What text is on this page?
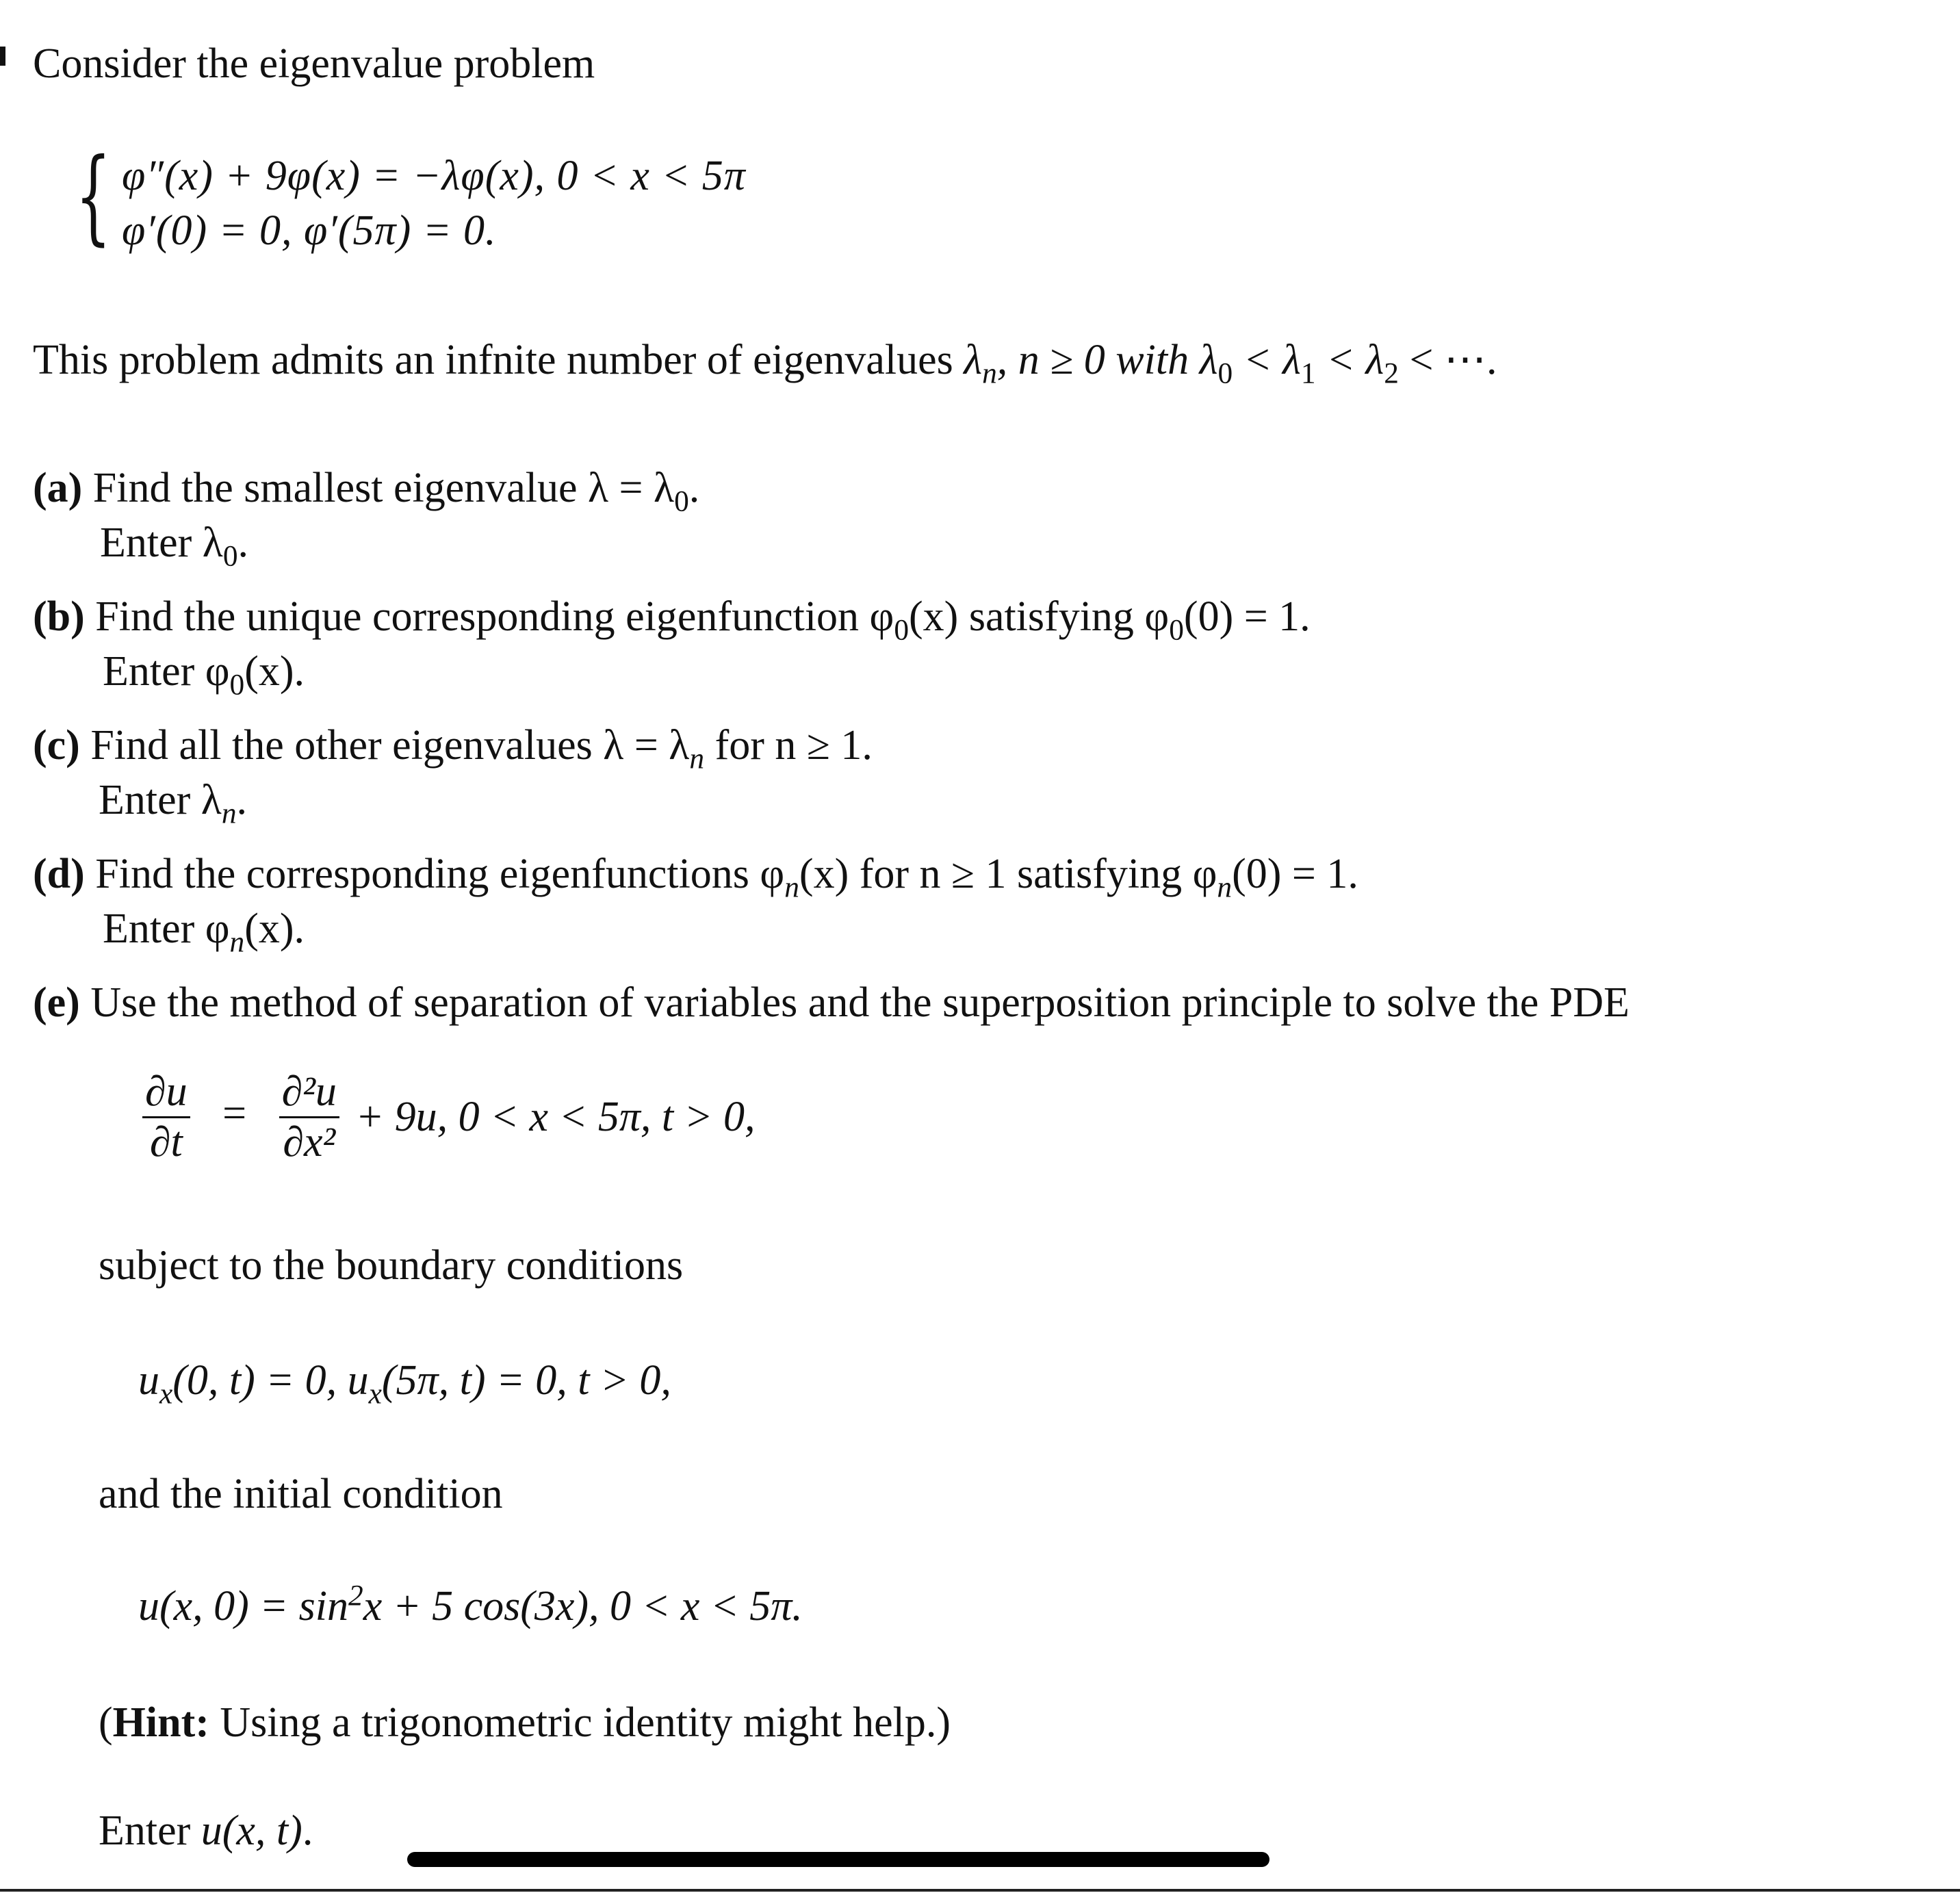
Consider the eigenvalue problem
{ φ″(x) + 9φ(x) = −λφ(x), 0 < x < 5π
φ′(0) = 0, φ′(5π) = 0.
This problem admits an infnite number of eigenvalues $\lambda_n$, n ≥ 0 with $\lambda_0 < \lambda_1 < \lambda_2$ < ⋯.
(a) Find the smallest eigenvalue $\lambda = \lambda_0$.
Enter $\lambda_0$.
(b) Find the unique corresponding eigenfunction $\varphi_0(x)$ satisfying $\varphi_0(0) = 1$.
Enter $\varphi_0(x)$.
(c) Find all the other eigenvalues $\lambda = \lambda_n$ for n ≥ 1.
Enter $\lambda_n$.
(d) Find the corresponding eigenfunctions $\varphi_n(x)$ for n ≥ 1 satisfying $\varphi_n(0) = 1$.
Enter $\varphi_n(x)$.
(e) Use the method of separation of variables and the superposition principle to solve the PDE
$\frac{\partial u}{\partial t} = \frac{\text{∂²u}}{\text{∂x²}} + 9u$, 0 < x < 5π, t > 0,
subject to the boundary conditions
$u_x(0$, t) = 0, $u_x(5\pi$, t) = 0, t > 0,
and the initial condition
u(x, $0) = \sin^2x + 5$ cos(3x), 0 < x < 5π.
(Hint: Using a trigonometric identity might help.)
Enter u(x, t).
